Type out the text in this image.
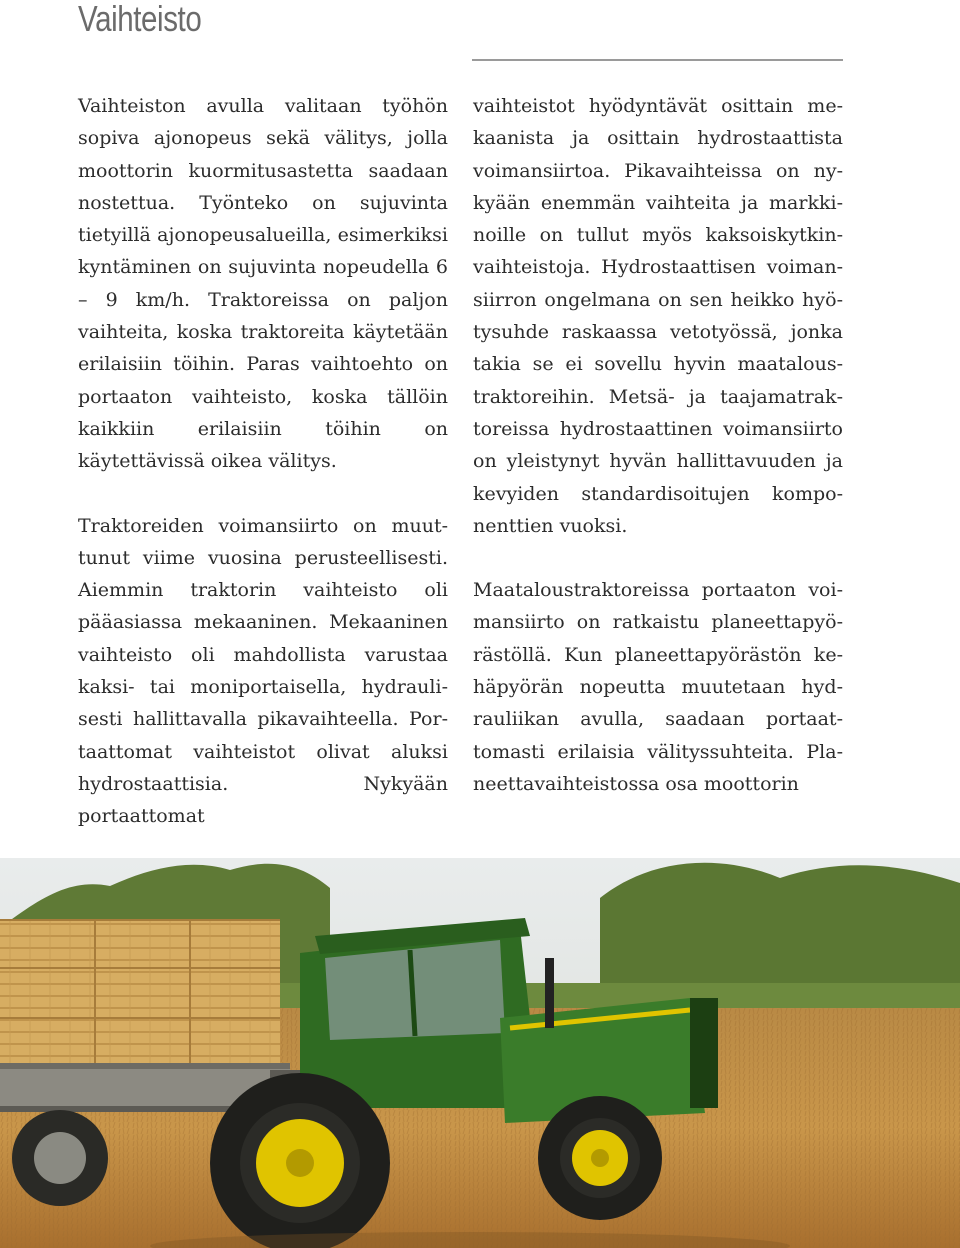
Vaihteisto

Vaihteiston avulla valitaan työhön sopiva ajonopeus sekä välitys, jolla moottorin kuormitusastetta saadaan nostettua. Työnteko on sujuvinta tietyillä ajonopeusalueilla, esimerkiksi kyntäminen on sujuvinta nopeudella 6 – 9 km/h. Traktoreissa on paljon vaihteita, koska traktoreita käytetään erilaisiin töihin. Paras vaihtoehto on portaaton vaihteisto, koska tällöin kaikkiin erilaisiin töihin on käytettävissä oikea välitys.

Traktoreiden voimansiirto on muuttunut viime vuosina perusteellisesti. Aiemmin traktorin vaihteisto oli pääasiassa mekaaninen. Mekaaninen vaihteisto oli mahdollista varustaa kaksi- tai moniportaisella, hydraulisesti hallittavalla pikavaihteella. Portaattomat vaihteistot olivat aluksi hydrostaattisia. Nykyään portaattomat

vaihteistot hyödyntävät osittain mekaanista ja osittain hydrostaattista voimansiirtoa. Pikavaihteissa on nykyään enemmän vaihteita ja markkinoille on tullut myös kaksoiskytkinvaihteistoja. Hydrostaattisen voimansiirron ongelmana on sen heikko hyötysuhde raskaassa vetotyössä, jonka takia se ei sovellu hyvin maataloustraktoreihin. Metsä- ja taajamatraktoreissa hydrostaattinen voimansiirto on yleistynyt hyvän hallittavuuden ja kevyiden standardisoitujen komponenttien vuoksi.

Maataloustraktoreissa portaaton voimansiirto on ratkaistu planeettapyörästöllä. Kun planeettapyörästön kehäpyörän nopeutta muutetaan hydrauliikan avulla, saadaan portaattomasti erilaisia välityssuhteita. Planeettavaihteistossa osa moottorin
